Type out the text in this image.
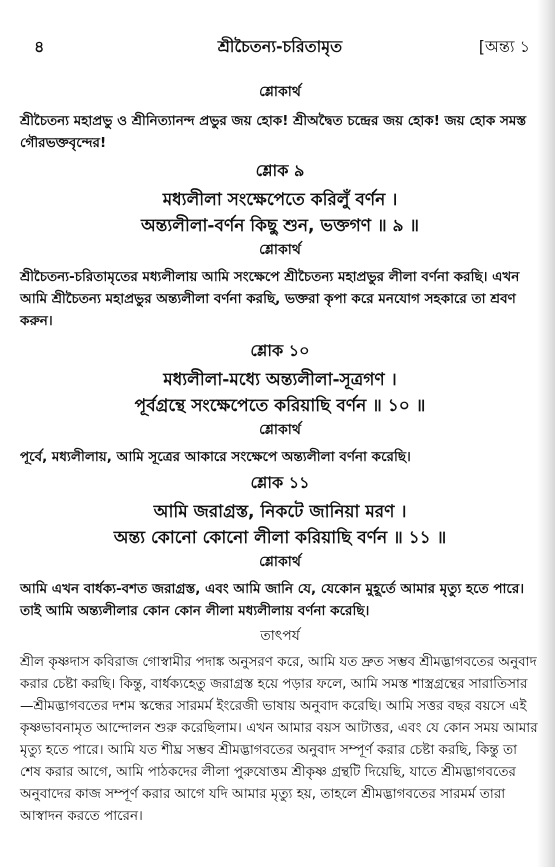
৪	শ্রীচৈতন্য-চরিতামৃত	[অন্ত্য ১

শ্লোকার্থ

শ্রীচৈতন্য মহাপ্রভু ও শ্রীনিত্যানন্দ প্রভুর জয় হোক! শ্রীঅদ্বৈত চন্দ্রের জয় হোক! জয় হোক সমস্ত গৌরভক্তবৃন্দের!

শ্লোক ৯

মধ্যলীলা সংক্ষেপেতে করিলুঁ বর্ণন ।
অন্ত্যলীলা-বর্ণন কিছু শুন, ভক্তগণ ॥ ৯ ॥

শ্লোকার্থ

শ্রীচৈতন্য-চরিতামৃতের মধ্যলীলায় আমি সংক্ষেপে শ্রীচৈতন্য মহাপ্রভুর লীলা বর্ণনা করছি। এখন আমি শ্রীচৈতন্য মহাপ্রভুর অন্ত্যলীলা বর্ণনা করছি, ভক্তরা কৃপা করে মনযোগ সহকারে তা শ্রবণ করুন।

শ্লোক ১০

মধ্যলীলা-মধ্যে অন্ত্যলীলা-সূত্রগণ ।
পূর্বগ্রন্থে সংক্ষেপেতে করিয়াছি বর্ণন ॥ ১০ ॥

শ্লোকার্থ

পূর্বে, মধ্যলীলায়, আমি সূত্রের আকারে সংক্ষেপে অন্ত্যলীলা বর্ণনা করেছি।

শ্লোক ১১

আমি জরাগ্রস্ত, নিকটে জানিয়া মরণ ।
অন্ত্য কোনো কোনো লীলা করিয়াছি বর্ণন ॥ ১১ ॥

শ্লোকার্থ

আমি এখন বার্ধক্য-বশত জরাগ্রস্ত, এবং আমি জানি যে, যেকোন মুহূর্তে আমার মৃত্যু হতে পারে। তাই আমি অন্ত্যলীলার কোন কোন লীলা মধ্যলীলায় বর্ণনা করেছি।

তাৎপর্য

শ্রীল কৃষ্ণদাস কবিরাজ গোস্বামীর পদাঙ্ক অনুসরণ করে, আমি যত দ্রুত সম্ভব শ্রীমদ্ভাগবতের অনুবাদ করার চেষ্টা করছি। কিন্তু, বার্ধক্যহেতু জরাগ্রস্ত হয়ে পড়ার ফলে, আমি সমস্ত শাস্ত্রগ্রন্থের সারাতিসার—শ্রীমদ্ভাগবতের দশম স্কন্ধের সারমর্ম ইংরেজী ভাষায় অনুবাদ করেছি। আমি সত্তর বছর বয়সে এই কৃষ্ণভাবনামৃত আন্দোলন শুরু করেছিলাম। এখন আমার বয়স আটাত্তর, এবং যে কোন সময় আমার মৃত্যু হতে পারে। আমি যত শীঘ্র সম্ভব শ্রীমদ্ভাগবতের অনুবাদ সম্পূর্ণ করার চেষ্টা করছি, কিন্তু তা শেষ করার আগে, আমি পাঠকদের লীলা পুরুষোত্তম শ্রীকৃষ্ণ গ্রন্থটি দিয়েছি, যাতে শ্রীমদ্ভাগবতের অনুবাদের কাজ সম্পূর্ণ করার আগে যদি আমার মৃত্যু হয়, তাহলে শ্রীমদ্ভাগবতের সারমর্ম তারা আস্বাদন করতে পারেন।
